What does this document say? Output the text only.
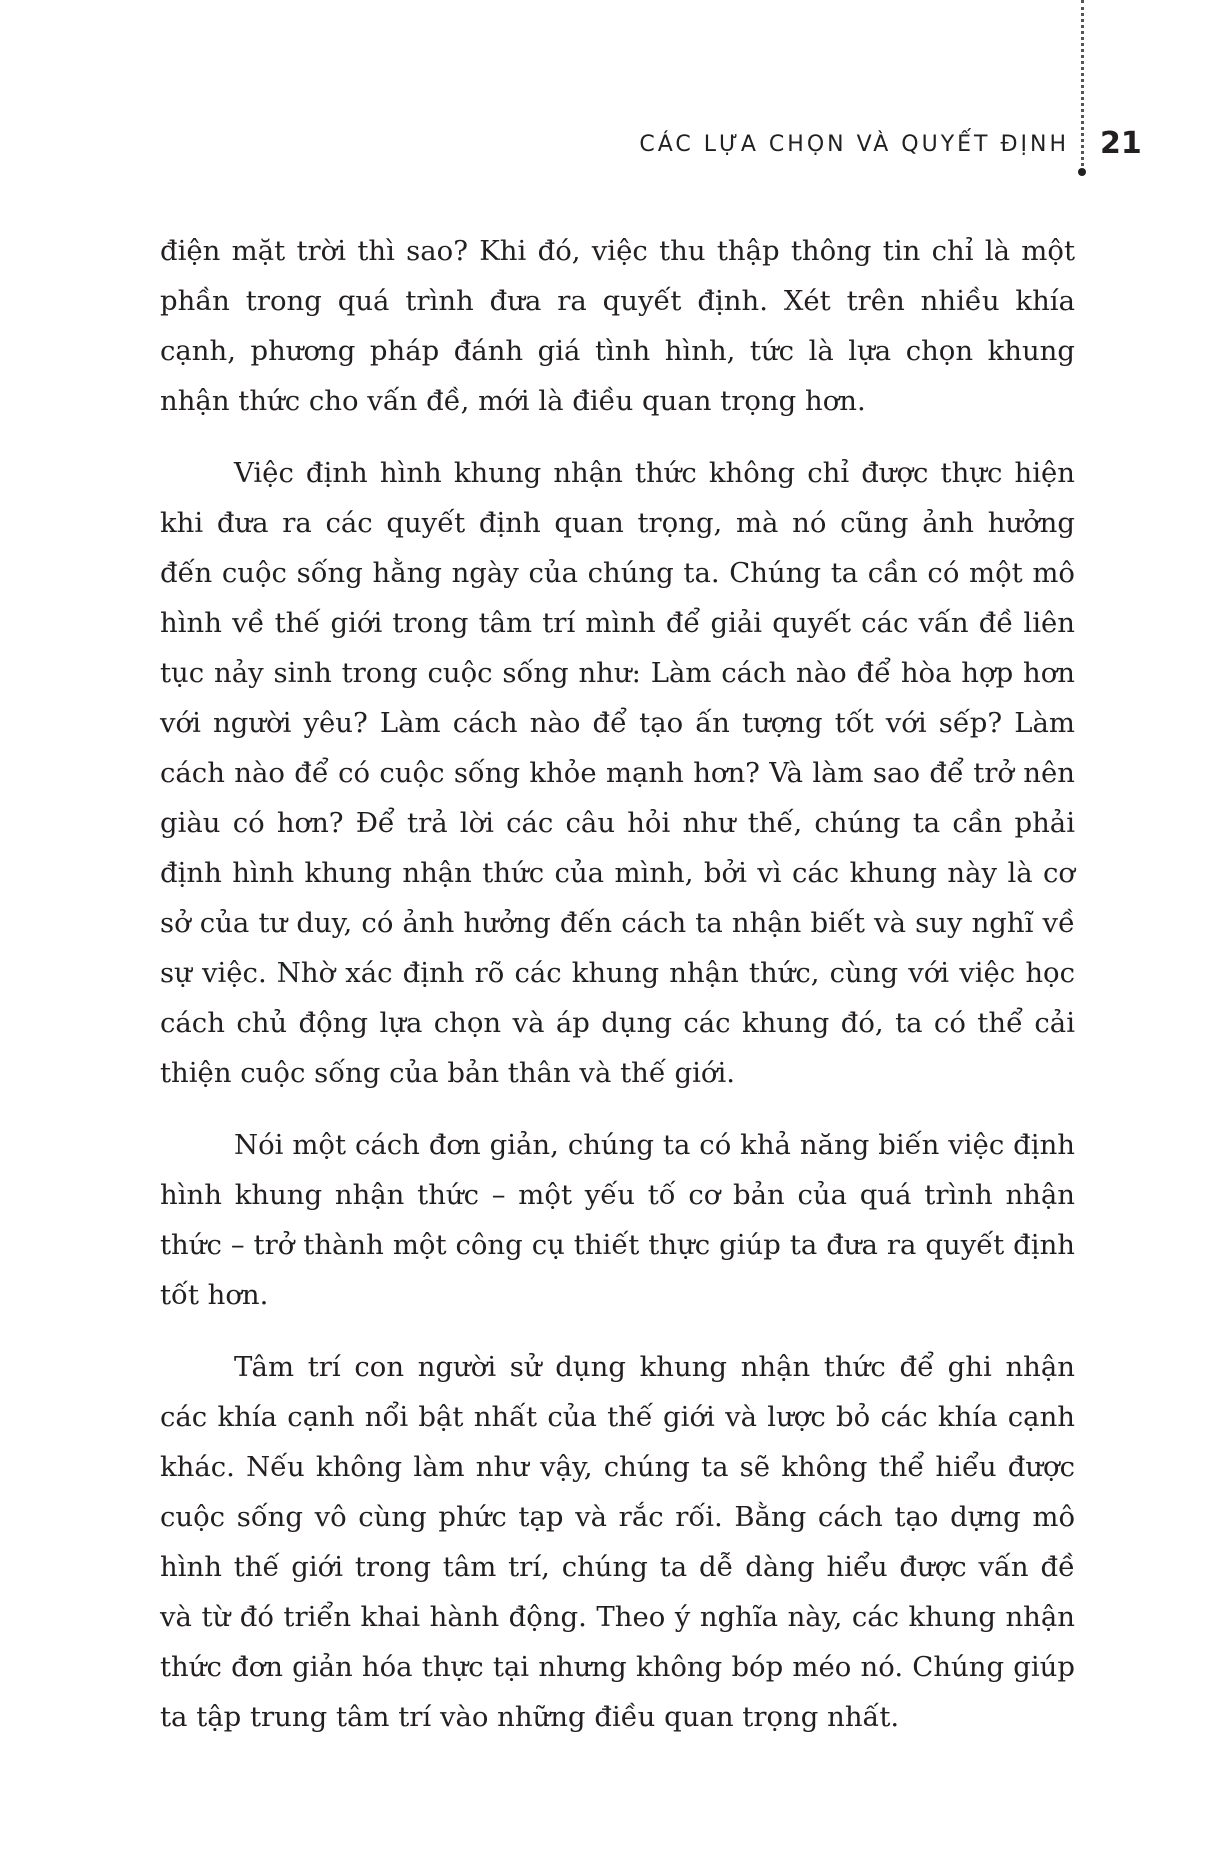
CÁC LỰA CHỌN VÀ QUYẾT ĐỊNH 21

điện mặt trời thì sao? Khi đó, việc thu thập thông tin chỉ là một phần trong quá trình đưa ra quyết định. Xét trên nhiều khía cạnh, phương pháp đánh giá tình hình, tức là lựa chọn khung nhận thức cho vấn đề, mới là điều quan trọng hơn.

Việc định hình khung nhận thức không chỉ được thực hiện khi đưa ra các quyết định quan trọng, mà nó cũng ảnh hưởng đến cuộc sống hằng ngày của chúng ta. Chúng ta cần có một mô hình về thế giới trong tâm trí mình để giải quyết các vấn đề liên tục nảy sinh trong cuộc sống như: Làm cách nào để hòa hợp hơn với người yêu? Làm cách nào để tạo ấn tượng tốt với sếp? Làm cách nào để có cuộc sống khỏe mạnh hơn? Và làm sao để trở nên giàu có hơn? Để trả lời các câu hỏi như thế, chúng ta cần phải định hình khung nhận thức của mình, bởi vì các khung này là cơ sở của tư duy, có ảnh hưởng đến cách ta nhận biết và suy nghĩ về sự việc. Nhờ xác định rõ các khung nhận thức, cùng với việc học cách chủ động lựa chọn và áp dụng các khung đó, ta có thể cải thiện cuộc sống của bản thân và thế giới.

Nói một cách đơn giản, chúng ta có khả năng biến việc định hình khung nhận thức – một yếu tố cơ bản của quá trình nhận thức – trở thành một công cụ thiết thực giúp ta đưa ra quyết định tốt hơn.

Tâm trí con người sử dụng khung nhận thức để ghi nhận các khía cạnh nổi bật nhất của thế giới và lược bỏ các khía cạnh khác. Nếu không làm như vậy, chúng ta sẽ không thể hiểu được cuộc sống vô cùng phức tạp và rắc rối. Bằng cách tạo dựng mô hình thế giới trong tâm trí, chúng ta dễ dàng hiểu được vấn đề và từ đó triển khai hành động. Theo ý nghĩa này, các khung nhận thức đơn giản hóa thực tại nhưng không bóp méo nó. Chúng giúp ta tập trung tâm trí vào những điều quan trọng nhất.
